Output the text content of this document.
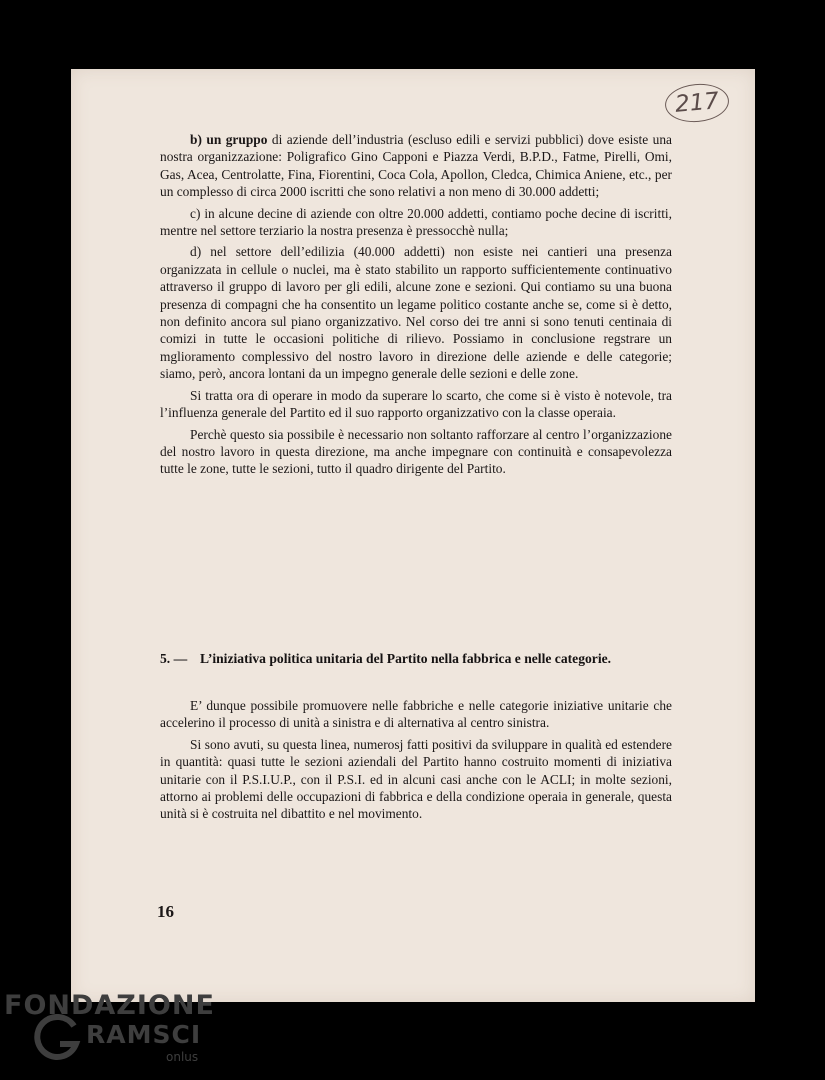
217

b) un gruppo di aziende dell’industria (escluso edili e servizi pubblici) dove esiste una nostra organizzazione: Poligrafico Gino Capponi e Piazza Verdi, B.P.D., Fatme, Pirelli, Omi, Gas, Acea, Centrolatte, Fina, Fiorentini, Coca Cola, Apollon, Cledca, Chimica Aniene, etc., per un complesso di circa 2000 iscritti che sono relativi a non meno di 30.000 addetti;

c) in alcune decine di aziende con oltre 20.000 addetti, contiamo poche decine di iscritti, mentre nel settore terziario la nostra presenza è pressocchè nulla;

d) nel settore dell’edilizia (40.000 addetti) non esiste nei cantieri una presenza organizzata in cellule o nuclei, ma è stato stabilito un rapporto sufficientemente continuativo attraverso il gruppo di lavoro per gli edili, alcune zone e sezioni. Qui contiamo su una buona presenza di compagni che ha consentito un legame politico costante anche se, come si è detto, non definito ancora sul piano organizzativo. Nel corso dei tre anni si sono tenuti centinaia di comizi in tutte le occasioni politiche di rilievo. Possiamo in conclusione regstrare un mglioramento complessivo del nostro lavoro in direzione delle aziende e delle categorie; siamo, però, ancora lontani da un impegno generale delle sezioni e delle zone.

Si tratta ora di operare in modo da superare lo scarto, che come si è visto è notevole, tra l’influenza generale del Partito ed il suo rapporto organizzativo con la classe operaia.

Perchè questo sia possibile è necessario non soltanto rafforzare al centro l’organizzazione del nostro lavoro in questa direzione, ma anche impegnare con continuità e consapevolezza tutte le zone, tutte le sezioni, tutto il quadro dirigente del Partito.

5. — L’iniziativa politica unitaria del Partito nella fabbrica e nelle categorie.

E’ dunque possibile promuovere nelle fabbriche e nelle categorie iniziative unitarie che accelerino il processo di unità a sinistra e di alternativa al centro sinistra.

Si sono avuti, su questa linea, numerosj fatti positivi da sviluppare in qualità ed estendere in quantità: quasi tutte le sezioni aziendali del Partito hanno costruito momenti di iniziativa unitarie con il P.S.I.U.P., con il P.S.I. ed in alcuni casi anche con le ACLI; in molte sezioni, attorno ai problemi delle occupazioni di fabbrica e della condizione operaia in generale, questa unità si è costruita nel dibattito e nel movimento.

16
FONDAZIONE
RAMSCI
onlus
